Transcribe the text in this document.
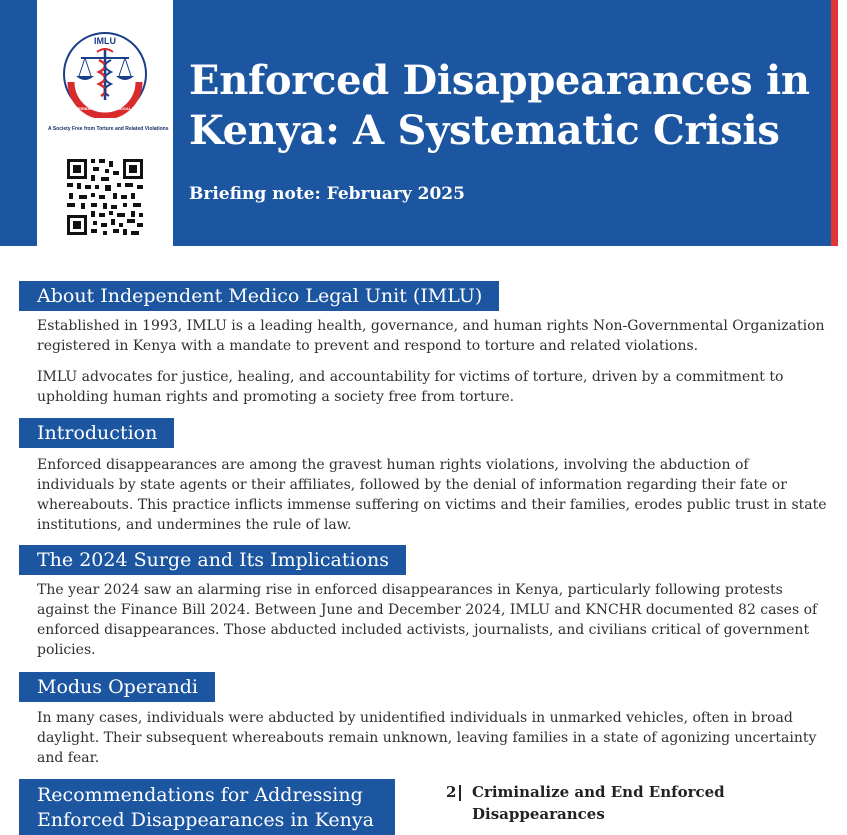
IMLU
INDEPENDENT MEDICO - LEGAL UNIT
A Society Free from Torture and Related Violations
Enforced Disappearances in
Kenya: A Systematic Crisis
Briefing note: February 2025
About Independent Medico Legal Unit (IMLU)
Established in 1993, IMLU is a leading health, governance, and human rights Non-Governmental Organization registered in Kenya with a mandate to prevent and respond to torture and related violations.
IMLU advocates for justice, healing, and accountability for victims of torture, driven by a commitment to upholding human rights and promoting a society free from torture.
Introduction
Enforced disappearances are among the gravest human rights violations, involving the abduction of individuals by state agents or their affiliates, followed by the denial of information regarding their fate or whereabouts. This practice inflicts immense suffering on victims and their families, erodes public trust in state institutions, and undermines the rule of law.
The 2024 Surge and Its Implications
The year 2024 saw an alarming rise in enforced disappearances in Kenya, particularly following protests against the Finance Bill 2024. Between June and December 2024, IMLU and KNCHR documented 82 cases of enforced disappearances. Those abducted included activists, journalists, and civilians critical of government policies.
Modus Operandi
In many cases, individuals were abducted by unidentified individuals in unmarked vehicles, often in broad daylight. Their subsequent whereabouts remain unknown, leaving families in a state of agonizing uncertainty and fear.
Recommendations for Addressing
Enforced Disappearances in Kenya
2 Criminalize and End Enforced
Disappearances
